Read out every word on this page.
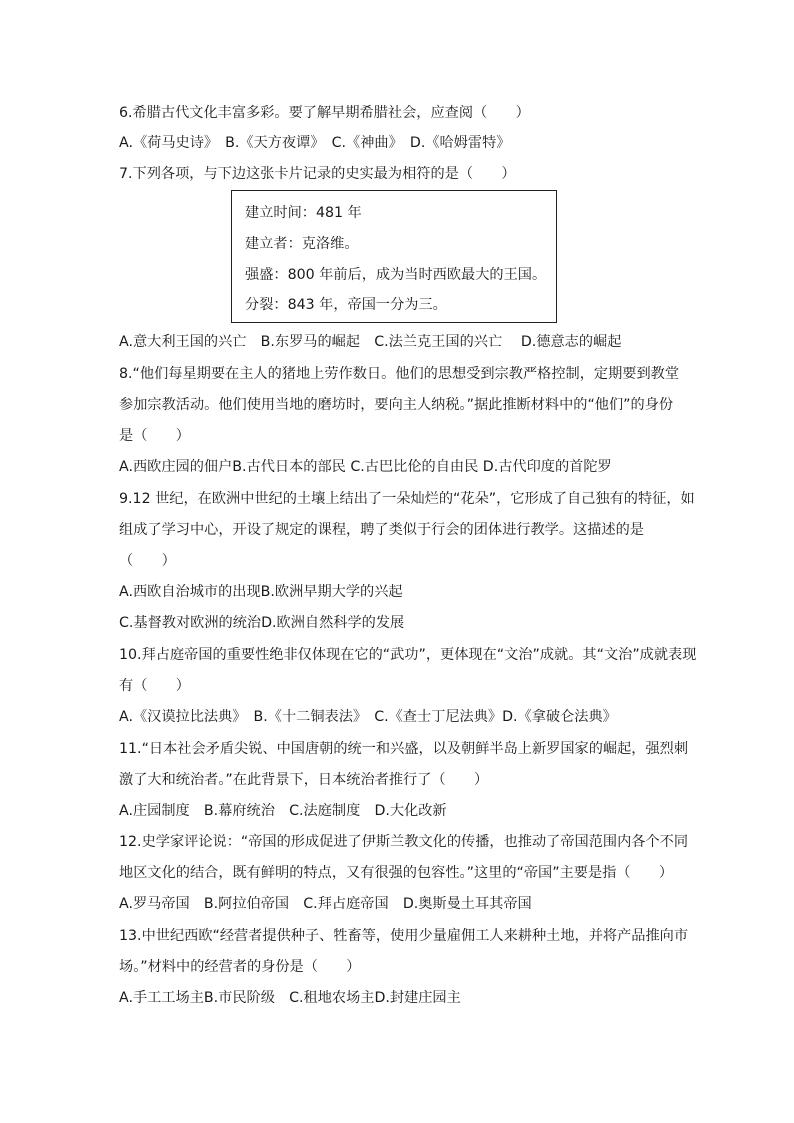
6.希腊古代文化丰富多彩。要了解早期希腊社会，应查阅（　　）
A.《荷马史诗》　B.《天方夜谭》　C.《神曲》　D.《哈姆雷特》
7.下列各项，与下边这张卡片记录的史实最为相符的是（　　）
建立时间：481 年
建立者：克洛维。
强盛：800 年前后，成为当时西欧最大的王国。
分裂：843 年，帝国一分为三。
A.意大利王国的兴亡　B.东罗马的崛起　C.法兰克王国的兴亡　 D.德意志的崛起
8.“他们每星期要在主人的猪地上劳作数日。他们的思想受到宗教严格控制，定期要到教堂
参加宗教活动。他们使用当地的磨坊时，要向主人纳税。”据此推断材料中的“他们”的身份
是（　　）
A.西欧庄园的佃户B.古代日本的部民 C.古巴比伦的自由民 D.古代印度的首陀罗
9.12 世纪，在欧洲中世纪的土壤上结出了一朵灿烂的“花朵”，它形成了自己独有的特征，如
组成了学习中心，开设了规定的课程，聘了类似于行会的团体进行教学。这描述的是
（　　）
A.西欧自治城市的出现B.欧洲早期大学的兴起
C.基督教对欧洲的统治D.欧洲自然科学的发展
10.拜占庭帝国的重要性绝非仅体现在它的“武功”，更体现在“文治”成就。其“文治”成就表现
有（　　）
A.《汉谟拉比法典》　B.《十二铜表法》　C.《查士丁尼法典》D.《拿破仑法典》
11.“日本社会矛盾尖锐、中国唐朝的统一和兴盛，以及朝鲜半岛上新罗国家的崛起，强烈刺
激了大和统治者。”在此背景下，日本统治者推行了（　　）
A.庄园制度　B.幕府统治　C.法庭制度　D.大化改新
12.史学家评论说：“帝国的形成促进了伊斯兰教文化的传播，也推动了帝国范围内各个不同
地区文化的结合，既有鲜明的特点，又有很强的包容性。”这里的“帝国”主要是指（　　）
A.罗马帝国　B.阿拉伯帝国　C.拜占庭帝国　D.奥斯曼土耳其帝国
13.中世纪西欧“经营者提供种子、牲畜等，使用少量雇佣工人来耕种土地，并将产品推向市
场。”材料中的经营者的身份是（　　）
A.手工工场主B.市民阶级　C.租地农场主D.封建庄园主
